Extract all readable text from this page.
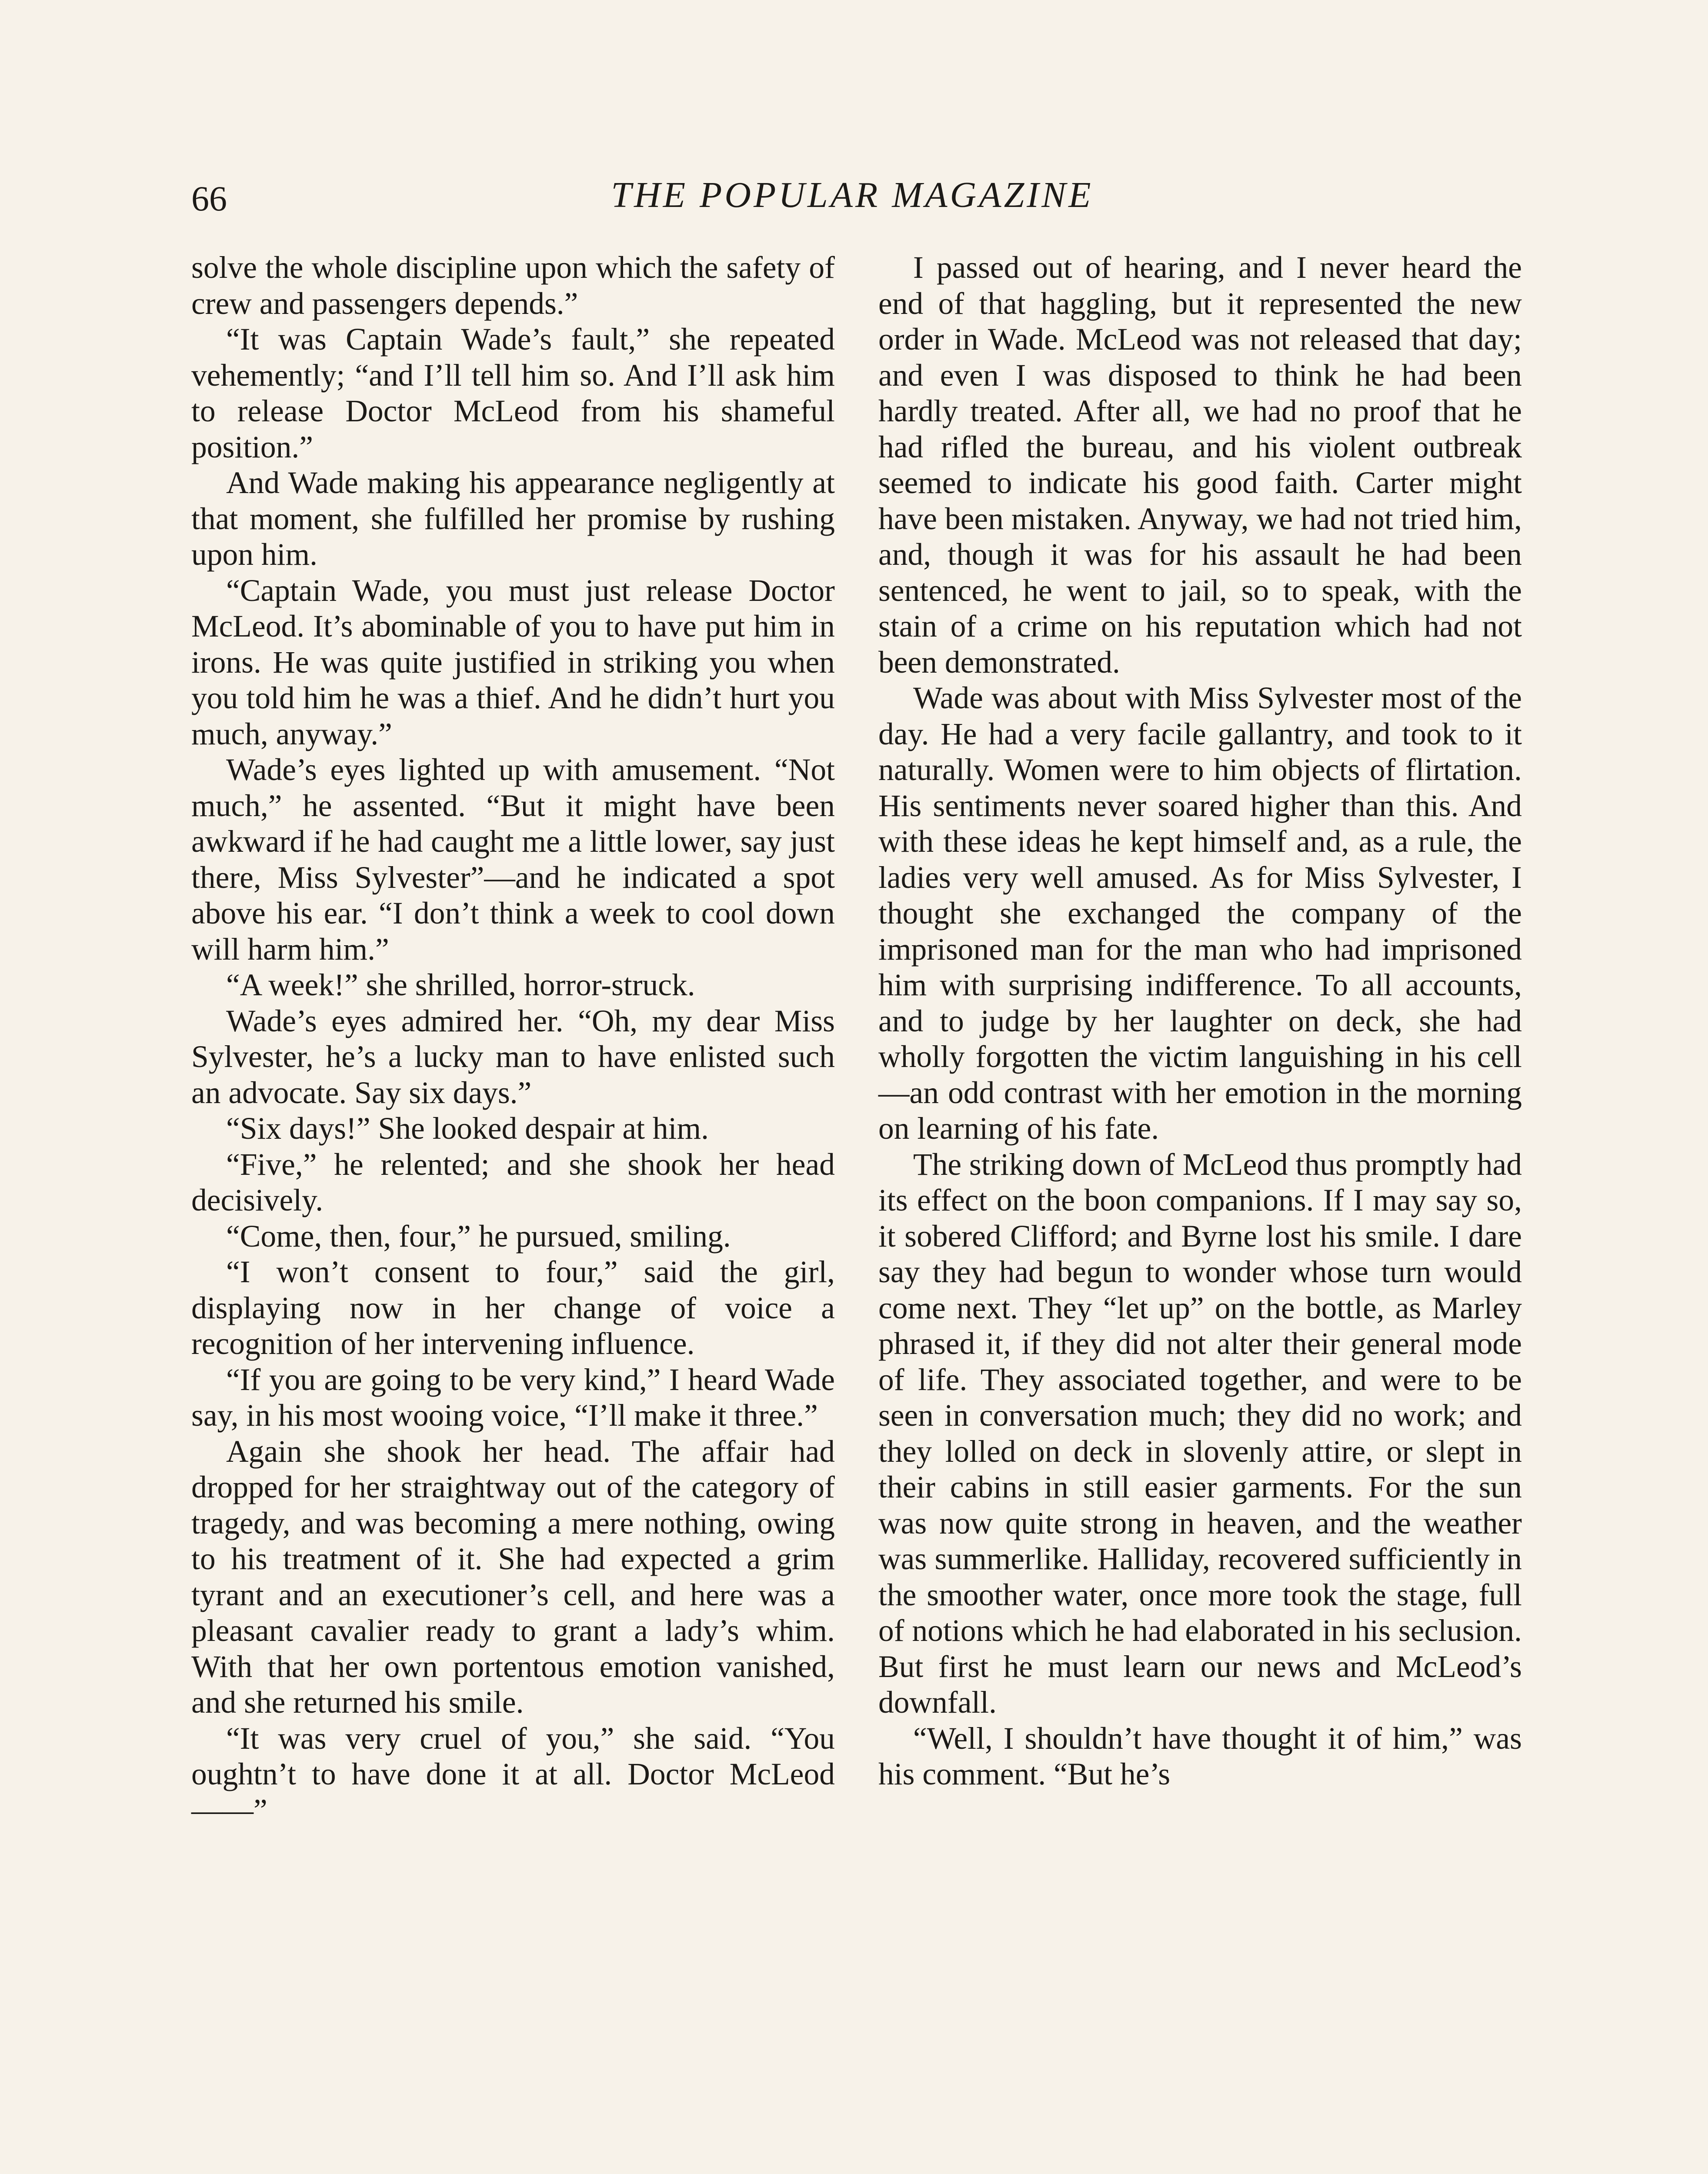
66	THE POPULAR MAGAZINE

solve the whole discipline upon which the safety of crew and passengers depends.”

“It was Captain Wade’s fault,” she repeated vehemently; “and I’ll tell him so. And I’ll ask him to release Doctor McLeod from his shameful position.”

And Wade making his appearance negligently at that moment, she fulfilled her promise by rushing upon him.

“Captain Wade, you must just release Doctor McLeod. It’s abominable of you to have put him in irons. He was quite justified in striking you when you told him he was a thief. And he didn’t hurt you much, anyway.”

Wade’s eyes lighted up with amusement. “Not much,” he assented. “But it might have been awkward if he had caught me a little lower, say just there, Miss Sylvester”—and he indicated a spot above his ear. “I don’t think a week to cool down will harm him.”

“A week!” she shrilled, horror-struck.

Wade’s eyes admired her. “Oh, my dear Miss Sylvester, he’s a lucky man to have enlisted such an advocate. Say six days.”

“Six days!” She looked despair at him.

“Five,” he relented; and she shook her head decisively.

“Come, then, four,” he pursued, smiling.

“I won’t consent to four,” said the girl, displaying now in her change of voice a recognition of her intervening influence.

“If you are going to be very kind,” I heard Wade say, in his most wooing voice, “I’ll make it three.”

Again she shook her head. The affair had dropped for her straightway out of the category of tragedy, and was becoming a mere nothing, owing to his treatment of it. She had expected a grim tyrant and an executioner’s cell, and here was a pleasant cavalier ready to grant a lady’s whim. With that her own portentous emotion vanished, and she returned his smile.

“It was very cruel of you,” she said. “You oughtn’t to have done it at all. Doctor McLeod——”

I passed out of hearing, and I never heard the end of that haggling, but it represented the new order in Wade. McLeod was not released that day; and even I was disposed to think he had been hardly treated. After all, we had no proof that he had rifled the bureau, and his violent outbreak seemed to indicate his good faith. Carter might have been mistaken. Anyway, we had not tried him, and, though it was for his assault he had been sentenced, he went to jail, so to speak, with the stain of a crime on his reputation which had not been demonstrated.

Wade was about with Miss Sylvester most of the day. He had a very facile gallantry, and took to it naturally. Women were to him objects of flirtation. His sentiments never soared higher than this. And with these ideas he kept himself and, as a rule, the ladies very well amused. As for Miss Sylvester, I thought she exchanged the company of the imprisoned man for the man who had imprisoned him with surprising indifference. To all accounts, and to judge by her laughter on deck, she had wholly forgotten the victim languishing in his cell—an odd contrast with her emotion in the morning on learning of his fate.

The striking down of McLeod thus promptly had its effect on the boon companions. If I may say so, it sobered Clifford; and Byrne lost his smile. I dare say they had begun to wonder whose turn would come next. They “let up” on the bottle, as Marley phrased it, if they did not alter their general mode of life. They associated together, and were to be seen in conversation much; they did no work; and they lolled on deck in slovenly attire, or slept in their cabins in still easier garments. For the sun was now quite strong in heaven, and the weather was summerlike. Halliday, recovered sufficiently in the smoother water, once more took the stage, full of notions which he had elaborated in his seclusion. But first he must learn our news and McLeod’s downfall.

“Well, I shouldn’t have thought it of him,” was his comment. “But he’s
